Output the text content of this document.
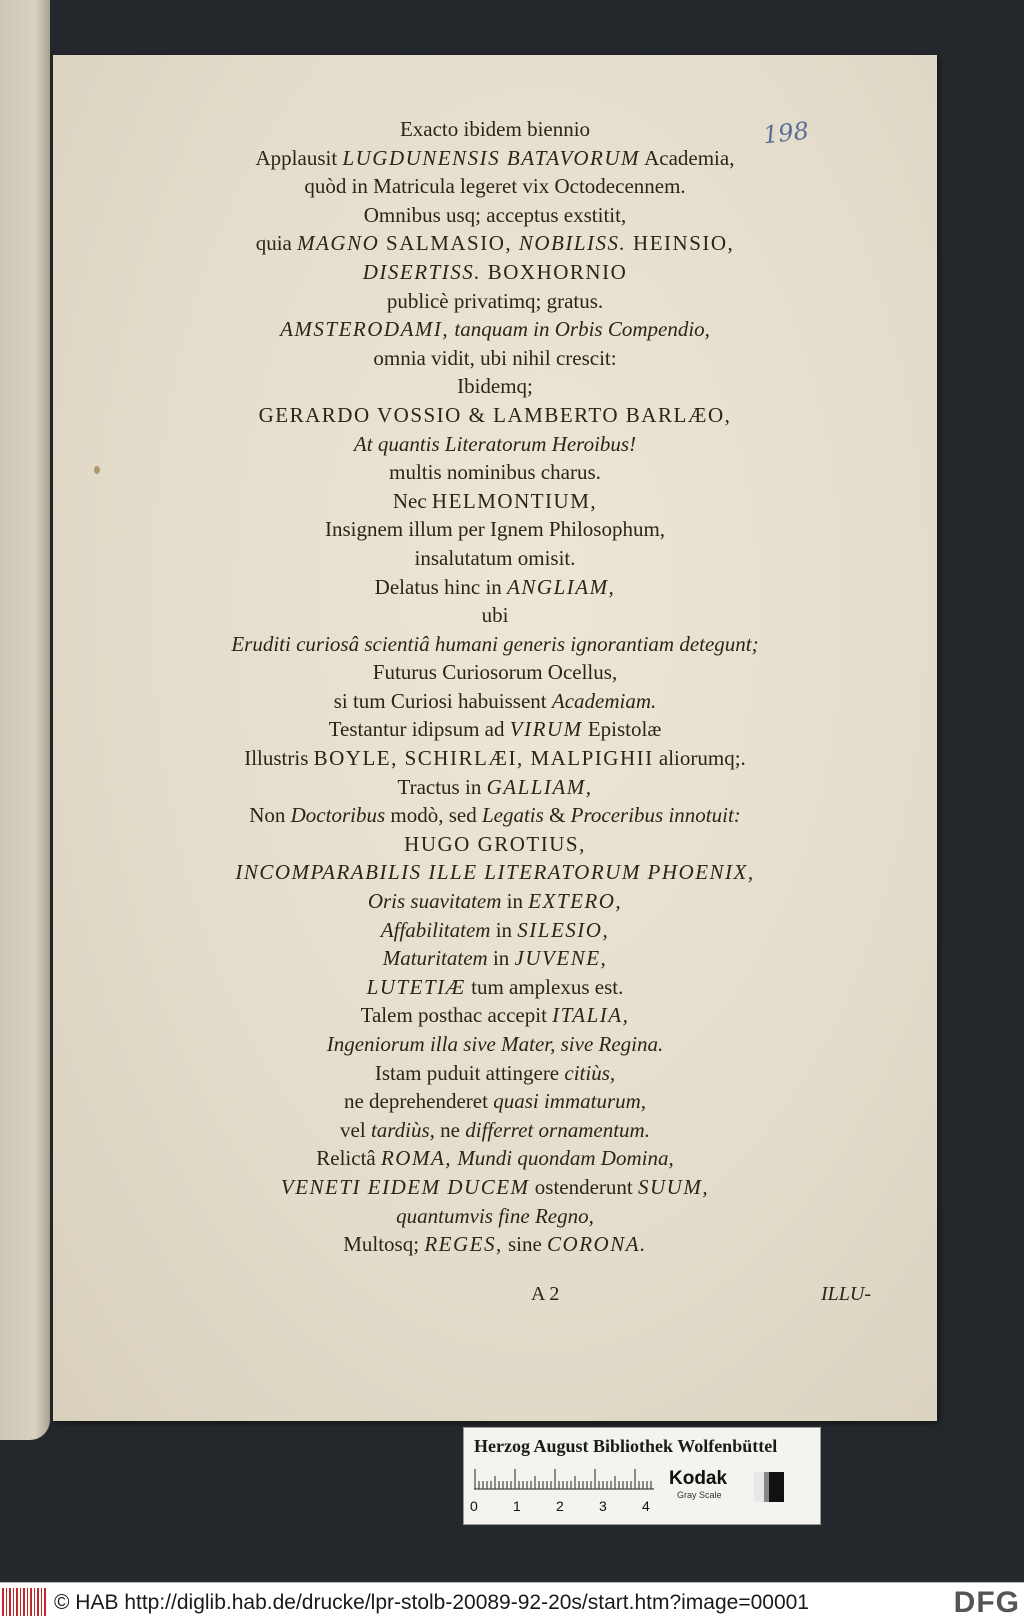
198
Exacto ibidem biennio
Applausit LUGDUNENSIS BATAVORUM Academia,
quòd in Matricula legeret vix Octodecennem.
Omnibus usq; acceptus exstitit,
quia MAGNO SALMASIO, NOBILISS. HEINSIO,
DISERTISS. BOXHORNIO
publicè privatimq; gratus.
AMSTERODAMI, tanquam in Orbis Compendio,
omnia vidit, ubi nihil crescit:
Ibidemq;
GERARDO VOSSIO & LAMBERTO BARLÆO,
At quantis Literatorum Heroibus!
multis nominibus charus.
Nec HELMONTIUM,
Insignem illum per Ignem Philosophum,
insalutatum omisit.
Delatus hinc in ANGLIAM,
ubi
Eruditi curiosâ scientiâ humani generis ignorantiam detegunt;
Futurus Curiosorum Ocellus,
si tum Curiosi habuissent Academiam.
Testantur idipsum ad VIRUM Epistolæ
Illustris BOYLE, SCHIRLÆI, MALPIGHII aliorumq;.
Tractus in GALLIAM,
Non Doctoribus modò, sed Legatis & Proceribus innotuit:
HUGO GROTIUS,
INCOMPARABILIS ILLE LITERATORUM PHOENIX,
Oris suavitatem in EXTERO,
Affabilitatem in SILESIO,
Maturitatem in JUVENE,
LUTETIÆ tum amplexus est.
Talem posthac accepit ITALIA,
Ingeniorum illa sive Mater, sive Regina.
Istam puduit attingere citiùs,
ne deprehenderet quasi immaturum,
vel tardiùs, ne differret ornamentum.
Relictâ ROMA, Mundi quondam Domina,
VENETI EIDEM DUCEM ostenderunt SUUM,
quantumvis fine Regno,
Multosq; REGES, sine CORONA.
A 2	ILLU-
Herzog August Bibliothek Wolfenbüttel
0	1	2	3	4
Kodak
Gray Scale
© HAB http://diglib.hab.de/drucke/lpr-stolb-20089-92-20s/start.htm?image=00001	DFG
